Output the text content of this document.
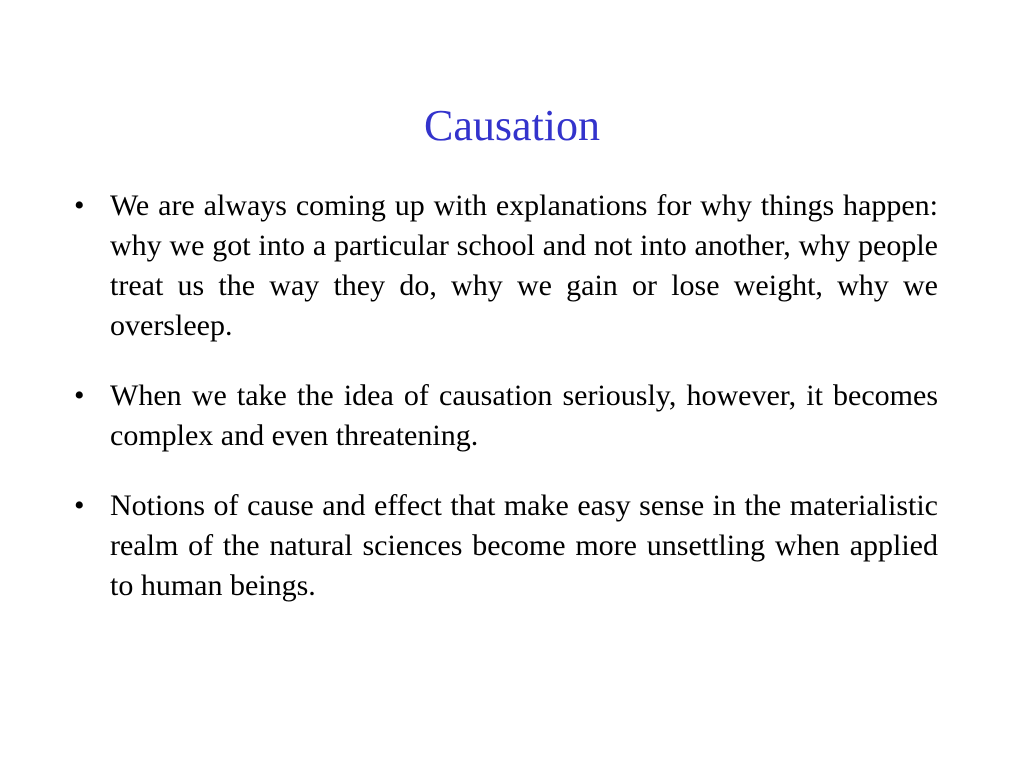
Causation
• We are always coming up with explanations for why things happen: why we got into a particular school and not into another, why people treat us the way they do, why we gain or lose weight, why we oversleep.
• When we take the idea of causation seriously, however, it becomes complex and even threatening.
• Notions of cause and effect that make easy sense in the materialistic realm of the natural sciences become more unsettling when applied to human beings.
